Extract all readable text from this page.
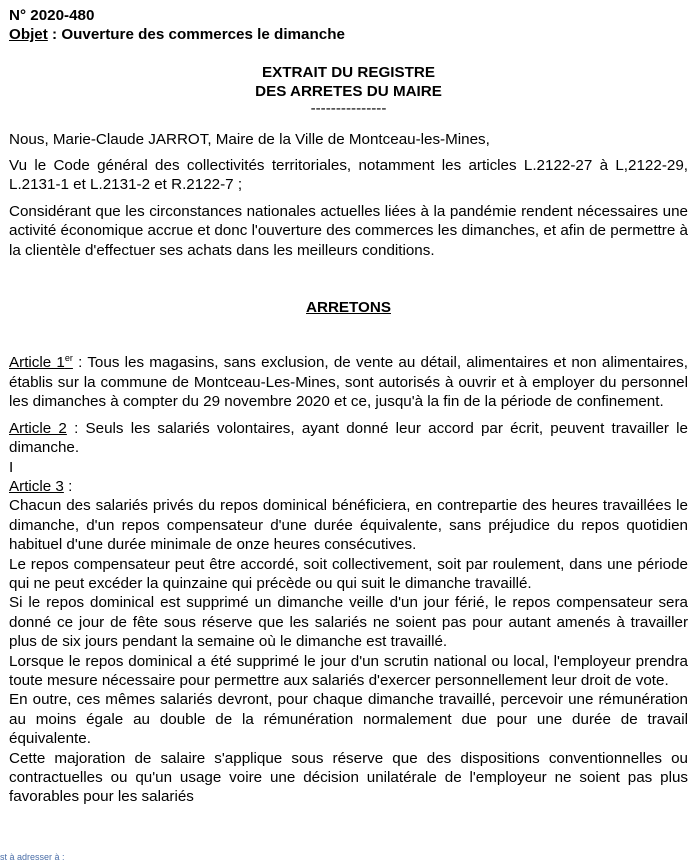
N° 2020-480
Objet : Ouverture des commerces le dimanche
EXTRAIT DU REGISTRE
DES ARRETES DU MAIRE
---------------

Nous, Marie-Claude JARROT, Maire de la Ville de Montceau-les-Mines,

Vu le Code général des collectivités territoriales, notamment les articles L.2122-27 à L,2122-29, L.2131-1 et L.2131-2 et R.2122-7 ;

Considérant que les circonstances nationales actuelles liées à la pandémie rendent nécessaires une activité économique accrue et donc l'ouverture des commerces les dimanches, et afin de permettre à la clientèle d'effectuer ses achats dans les meilleurs conditions.

ARRETONS

Article 1er : Tous les magasins, sans exclusion, de vente au détail, alimentaires et non alimentaires, établis sur la commune de Montceau-Les-Mines, sont autorisés à ouvrir et à employer du personnel les dimanches à compter du 29 novembre 2020 et ce, jusqu'à la fin de la période de confinement.

Article 2 : Seuls les salariés volontaires, ayant donné leur accord par écrit, peuvent travailler le dimanche.

I
Article 3 :

Chacun des salariés privés du repos dominical bénéficiera, en contrepartie des heures travaillées le dimanche, d'un repos compensateur d'une durée équivalente, sans préjudice du repos quotidien habituel d'une durée minimale de onze heures consécutives.

Le repos compensateur peut être accordé, soit collectivement, soit par roulement, dans une période qui ne peut excéder la quinzaine qui précède ou qui suit le dimanche travaillé.

Si le repos dominical est supprimé un dimanche veille d'un jour férié, le repos compensateur sera donné ce jour de fête sous réserve que les salariés ne soient pas pour autant amenés à travailler plus de six jours pendant la semaine où le dimanche est travaillé.

Lorsque le repos dominical a été supprimé le jour d'un scrutin national ou local, l'employeur prendra toute mesure nécessaire pour permettre aux salariés d'exercer personnellement leur droit de vote.

En outre, ces mêmes salariés devront, pour chaque dimanche travaillé, percevoir une rémunération au moins égale au double de la rémunération normalement due pour une durée de travail équivalente.

Cette majoration de salaire s'applique sous réserve que des dispositions conventionnelles ou contractuelles ou qu'un usage voire une décision unilatérale de l'employeur ne soient pas plus favorables pour les salariés

st à adresser à :
